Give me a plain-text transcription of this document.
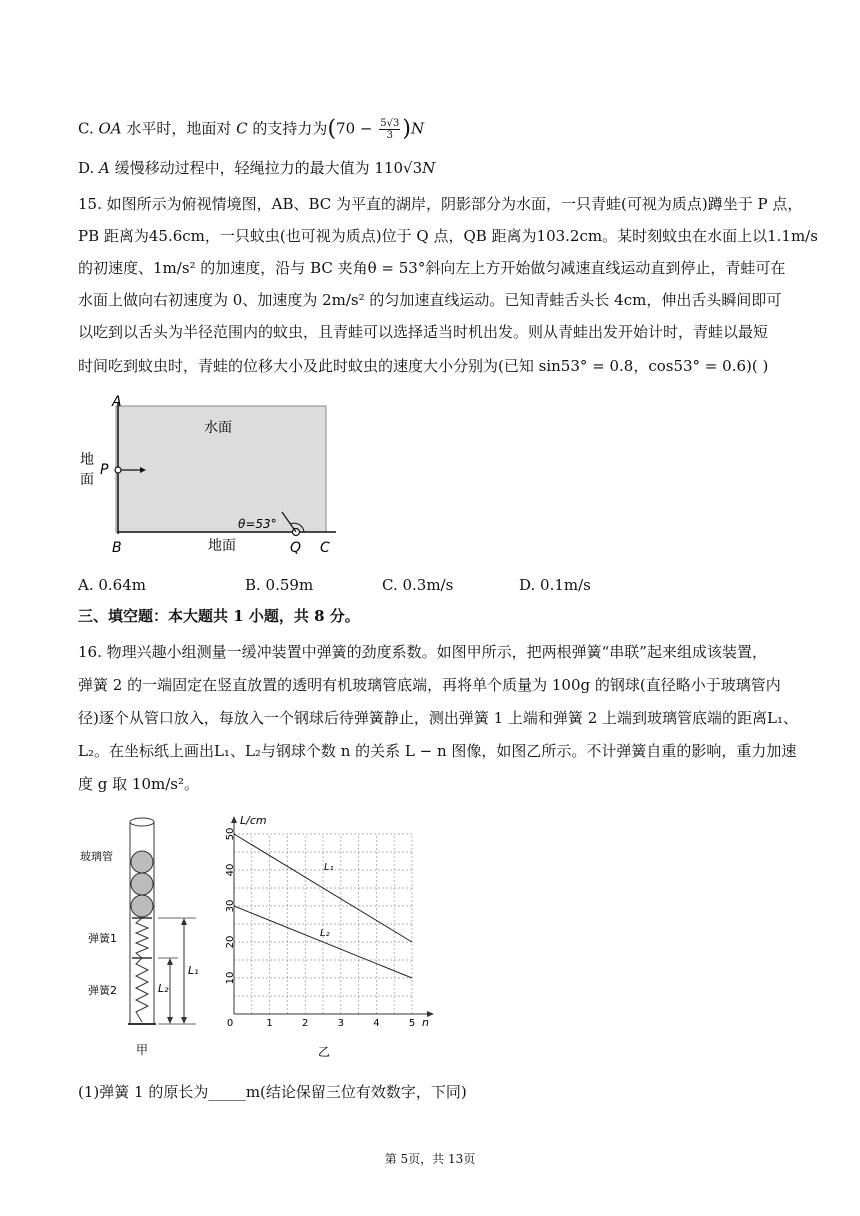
C. OA 水平时，地面对 C 的支持力为$(70 - \frac{5√3}{3} )N$
D. A 缓慢移动过程中，轻绳拉力的最大值为 110√3N
15. 如图所示为俯视情境图，AB、BC 为平直的湖岸，阴影部分为水面，一只青蛙(可视为质点)蹲坐于 P 点，
PB 距离为45.6cm，一只蚊虫(也可视为质点)位于 Q 点，QB 距离为103.2cm。某时刻蚊虫在水面上以1.1m/s
的初速度、1m/s² 的加速度，沿与 BC 夹角θ = 53°斜向左上方开始做匀减速直线运动直到停止，青蛙可在
水面上做向右初速度为 0、加速度为 2m/s² 的匀加速直线运动。已知青蛙舌头长 4cm，伸出舌头瞬间即可
以吃到以舌头为半径范围内的蚊虫，且青蛙可以选择适当时机出发。则从青蛙出发开始计时，青蛙以最短
时间吃到蚊虫时，青蛙的位移大小及此时蚊虫的速度大小分别为(已知 sin53° = 0.8，cos53° = 0.6)( )
A
B
P
Q C
水面
地
面
地面
θ=53°
A. 0.64m	B. 0.59m	C. 0.3m/s	D. 0.1m/s
三、填空题：本大题共 1 小题，共 8 分。
16. 物理兴趣小组测量一缓冲装置中弹簧的劲度系数。如图甲所示，把两根弹簧“串联”起来组成该装置，
弹簧 2 的一端固定在竖直放置的透明有机玻璃管底端，再将单个质量为 100g 的钢球(直径略小于玻璃管内
径)逐个从管口放入，每放入一个钢球后待弹簧静止，测出弹簧 1 上端和弹簧 2 上端到玻璃管底端的距离L₁、
L₂。在坐标纸上画出L₁、L₂与钢球个数 n 的关系 L − n 图像，如图乙所示。不计弹簧自重的影响，重力加速
度 g 取 10m/s²。
玻璃管
弹簧1
弹簧2
L₁
L₂
甲
0	1	2	3	4	5
10
20
30
40
50
L/cm
n
L₁
L₂
乙
(1)弹簧 1 的原长为_____m(结论保留三位有效数字，下同)
第 5页，共 13页
